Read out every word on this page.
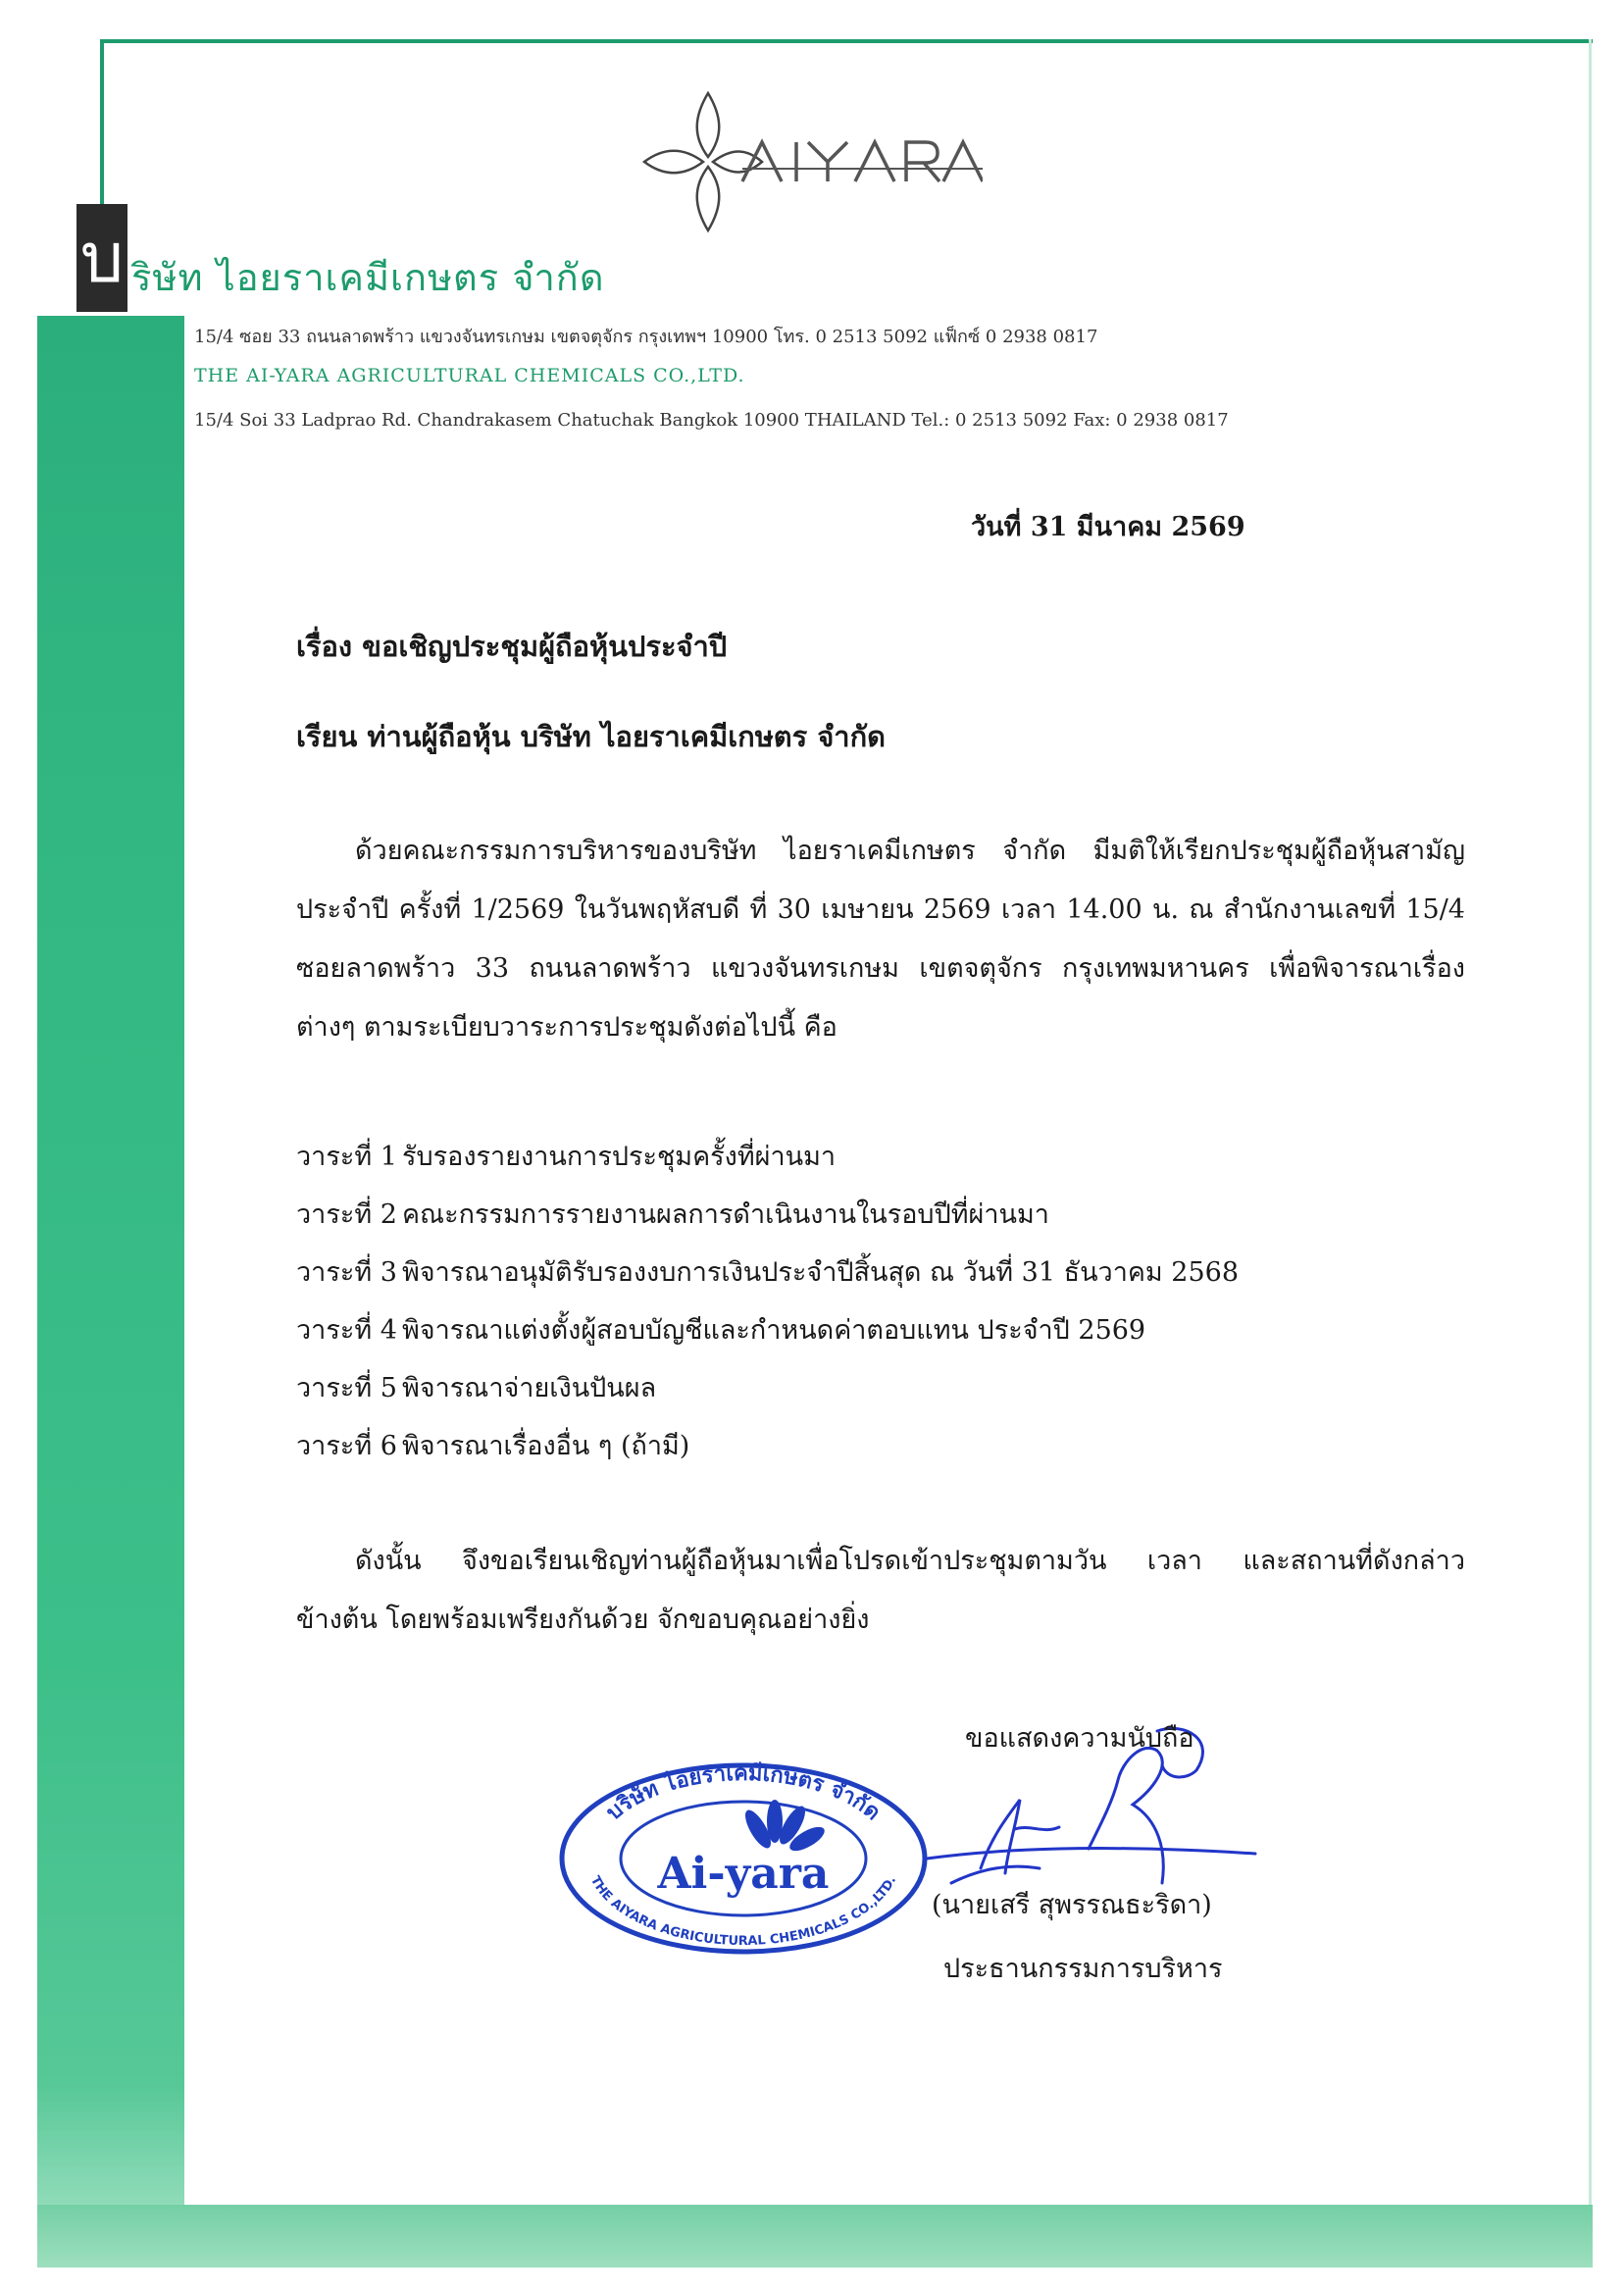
บ ริษัท ไอยราเคมีเกษตร จำกัด
15/4 ซอย 33 ถนนลาดพร้าว แขวงจันทรเกษม เขตจตุจักร กรุงเทพฯ 10900 โทร. 0 2513 5092 แฟ็กซ์ 0 2938 0817
THE AI-YARA AGRICULTURAL CHEMICALS CO.,LTD.
15/4 Soi 33 Ladprao Rd. Chandrakasem Chatuchak Bangkok 10900 THAILAND Tel.: 0 2513 5092 Fax: 0 2938 0817
วันที่ 31 มีนาคม 2569
เรื่อง ขอเชิญประชุมผู้ถือหุ้นประจำปี
เรียน ท่านผู้ถือหุ้น บริษัท ไอยราเคมีเกษตร จำกัด
ด้วยคณะกรรมการบริหารของบริษัท ไอยราเคมีเกษตร จำกัด มีมติให้เรียกประชุมผู้ถือหุ้นสามัญ
ประจำปี ครั้งที่ 1/2569 ในวันพฤหัสบดี ที่ 30 เมษายน 2569 เวลา 14.00 น. ณ สำนักงานเลขที่ 15/4
ซอยลาดพร้าว 33 ถนนลาดพร้าว แขวงจันทรเกษม เขตจตุจักร กรุงเทพมหานคร เพื่อพิจารณาเรื่อง
ต่างๆ ตามระเบียบวาระการประชุมดังต่อไปนี้ คือ
วาระที่ 1 รับรองรายงานการประชุมครั้งที่ผ่านมา
วาระที่ 2 คณะกรรมการรายงานผลการดำเนินงานในรอบปีที่ผ่านมา
วาระที่ 3 พิจารณาอนุมัติรับรองงบการเงินประจำปีสิ้นสุด ณ วันที่ 31 ธันวาคม 2568
วาระที่ 4 พิจารณาแต่งตั้งผู้สอบบัญชีและกำหนดค่าตอบแทน ประจำปี 2569
วาระที่ 5 พิจารณาจ่ายเงินปันผล
วาระที่ 6 พิจารณาเรื่องอื่น ๆ (ถ้ามี)
ดังนั้น จึงขอเรียนเชิญท่านผู้ถือหุ้นมาเพื่อโปรดเข้าประชุมตามวัน เวลา และสถานที่ดังกล่าว
ข้างต้น โดยพร้อมเพรียงกันด้วย จักขอบคุณอย่างยิ่ง
บริษัท ไอยราเคมีเกษตร จำกัด
THE AIYARA AGRICULTURAL CHEMICALS CO.,LTD.
Ai-yara
ขอแสดงความนับถือ
(นายเสรี สุพรรณธะริดา)
ประธานกรรมการบริหาร
